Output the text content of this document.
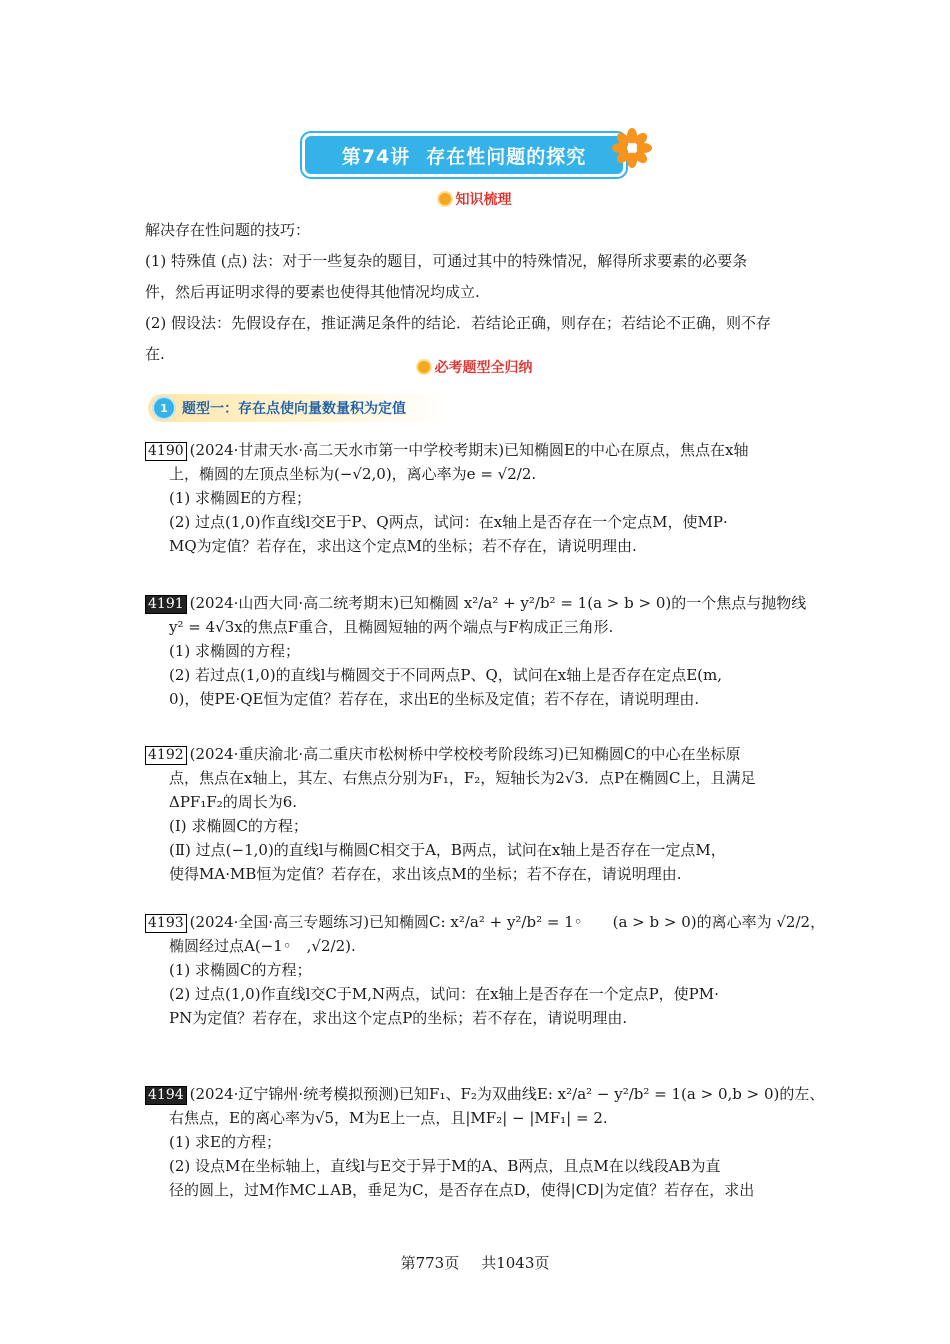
第74讲 存在性问题的探究
知识梳理
解决存在性问题的技巧：
(1) 特殊值 (点) 法：对于一些复杂的题目，可通过其中的特殊情况，解得所求要素的必要条
件，然后再证明求得的要素也使得其他情况均成立.
(2) 假设法：先假设存在，推证满足条件的结论．若结论正确，则存在；若结论不正确，则不存
在.
必考题型全归纳
1	题型一：存在点使向量数量积为定值
4190 (2024·甘肃天水·高二天水市第一中学校考期末)已知椭圆E的中心在原点，焦点在x轴
上，椭圆的左顶点坐标为(−√2,0)，离心率为e = √2/2.
(1) 求椭圆E的方程；
(2) 过点(1,0)作直线l交E于P、Q两点，试问：在x轴上是否存在一个定点M，使MP·
MQ为定值？若存在，求出这个定点M的坐标；若不存在，请说明理由.
4191 (2024·山西大同·高二统考期末)已知椭圆 x²/a² + y²/b² = 1(a > b > 0)的一个焦点与抛物线
y² = 4√3x的焦点F重合，且椭圆短轴的两个端点与F构成正三角形.
(1) 求椭圆的方程；
(2) 若过点(1,0)的直线l与椭圆交于不同两点P、Q，试问在x轴上是否存在定点E(m,
0)，使PE·QE恒为定值？若存在，求出E的坐标及定值；若不存在，请说明理由.
4192 (2024·重庆渝北·高二重庆市松树桥中学校校考阶段练习)已知椭圆C的中心在坐标原
点，焦点在x轴上，其左、右焦点分别为F₁，F₂，短轴长为2√3．点P在椭圆C上，且满足
ΔPF₁F₂的周长为6.
(I) 求椭圆C的方程；
(Ⅱ) 过点(−1,0)的直线l与椭圆C相交于A，B两点，试问在x轴上是否存在一定点M，
使得MA·MB恒为定值？若存在，求出该点M的坐标；若不存在，请说明理由.
4193 (2024·全国·高三专题练习)已知椭圆C: x²/a² + y²/b² = 1◦　　(a > b > 0)的离心率为 √2/2，
椭圆经过点A(−1◦　,√2/2).
(1) 求椭圆C的方程；
(2) 过点(1,0)作直线l交C于M,N两点，试问：在x轴上是否存在一个定点P，使PM·
PN为定值？若存在，求出这个定点P的坐标；若不存在，请说明理由.
4194 (2024·辽宁锦州·统考模拟预测)已知F₁、F₂为双曲线E: x²/a² − y²/b² = 1(a > 0,b > 0)的左、
右焦点，E的离心率为√5，M为E上一点，且|MF₂| − |MF₁| = 2.
(1) 求E的方程；
(2) 设点M在坐标轴上，直线l与E交于异于M的A、B两点，且点M在以线段AB为直
径的圆上，过M作MC⊥AB，垂足为C，是否存在点D，使得|CD|为定值？若存在，求出
第773页 共1043页
